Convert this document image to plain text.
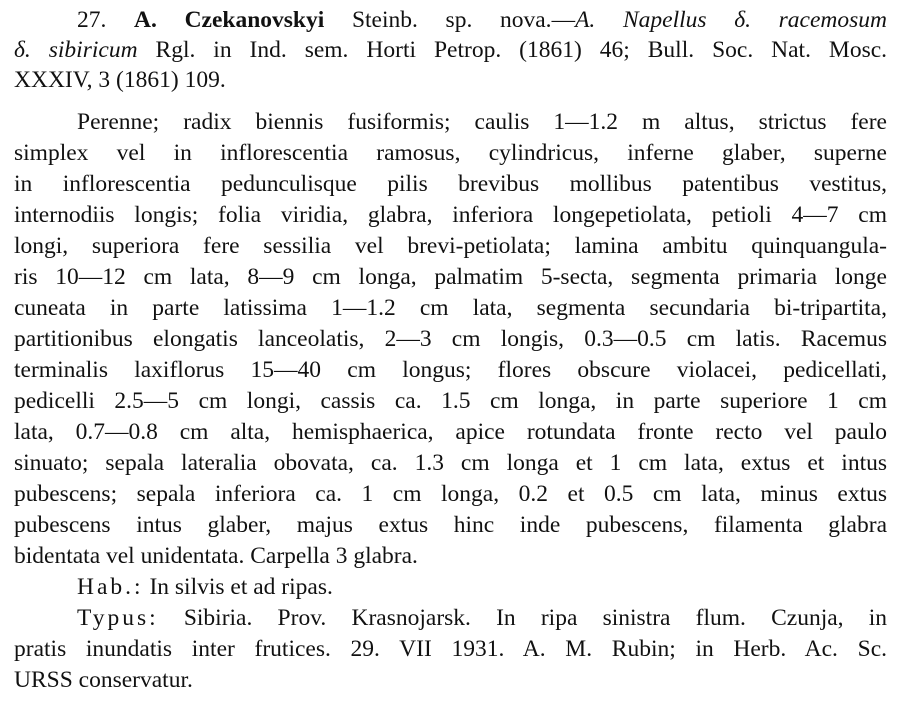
27. A. Czekanovskyi Steinb. sp. nova.—A. Napellus δ. racemosum
δ. sibiricum Rgl. in Ind. sem. Horti Petrop. (1861) 46; Bull. Soc. Nat. Mosc.
XXXIV, 3 (1861) 109.
Perenne; radix biennis fusiformis; caulis 1—1.2 m altus, strictus fere
simplex vel in inflorescentia ramosus, cylindricus, inferne glaber, superne
in inflorescentia pedunculisque pilis brevibus mollibus patentibus vestitus,
internodiis longis; folia viridia, glabra, inferiora longepetiolata, petioli 4—7 cm
longi, superiora fere sessilia vel brevi-petiolata; lamina ambitu quinquangula-
ris 10—12 cm lata, 8—9 cm longa, palmatim 5-secta, segmenta primaria longe
cuneata in parte latissima 1—1.2 cm lata, segmenta secundaria bi-tripartita,
partitionibus elongatis lanceolatis, 2—3 cm longis, 0.3—0.5 cm latis. Racemus
terminalis laxiflorus 15—40 cm longus; flores obscure violacei, pedicellati,
pedicelli 2.5—5 cm longi, cassis ca. 1.5 cm longa, in parte superiore 1 cm
lata, 0.7—0.8 cm alta, hemisphaerica, apice rotundata fronte recto vel paulo
sinuato; sepala lateralia obovata, ca. 1.3 cm longa et 1 cm lata, extus et intus
pubescens; sepala inferiora ca. 1 cm longa, 0.2 et 0.5 cm lata, minus extus
pubescens intus glaber, majus extus hinc inde pubescens, filamenta glabra
bidentata vel unidentata. Carpella 3 glabra.
Hab.: In silvis et ad ripas.
Typus: Sibiria. Prov. Krasnojarsk. In ripa sinistra flum. Czunja, in
pratis inundatis inter frutices. 29. VII 1931. A. M. Rubin; in Herb. Ac. Sc.
URSS conservatur.
